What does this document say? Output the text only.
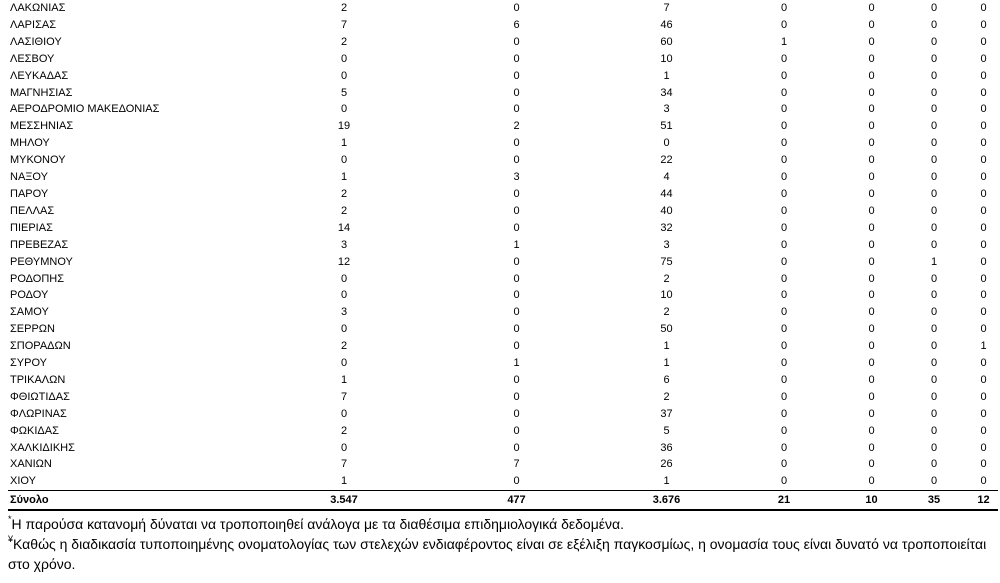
ΛΑΚΩΝΙΑΣ	2	0	7	0	0	0	0
ΛΑΡΙΣΑΣ	7	6	46	0	0	0	0
ΛΑΣΙΘΙΟΥ	2	0	60	1	0	0	0
ΛΕΣΒΟΥ	0	0	10	0	0	0	0
ΛΕΥΚΑΔΑΣ	0	0	1	0	0	0	0
ΜΑΓΝΗΣΙΑΣ	5	0	34	0	0	0	0
ΑΕΡΟΔΡΟΜΙΟ ΜΑΚΕΔΟΝΙΑΣ	0	0	3	0	0	0	0
ΜΕΣΣΗΝΙΑΣ	19	2	51	0	0	0	0
ΜΗΛΟΥ	1	0	0	0	0	0	0
ΜΥΚΟΝΟΥ	0	0	22	0	0	0	0
ΝΑΞΟΥ	1	3	4	0	0	0	0
ΠΑΡΟΥ	2	0	44	0	0	0	0
ΠΕΛΛΑΣ	2	0	40	0	0	0	0
ΠΙΕΡΙΑΣ	14	0	32	0	0	0	0
ΠΡΕΒΕΖΑΣ	3	1	3	0	0	0	0
ΡΕΘΥΜΝΟΥ	12	0	75	0	0	1	0
ΡΟΔΟΠΗΣ	0	0	2	0	0	0	0
ΡΟΔΟΥ	0	0	10	0	0	0	0
ΣΑΜΟΥ	3	0	2	0	0	0	0
ΣΕΡΡΩΝ	0	0	50	0	0	0	0
ΣΠΟΡΑΔΩΝ	2	0	1	0	0	0	1
ΣΥΡΟΥ	0	1	1	0	0	0	0
ΤΡΙΚΑΛΩΝ	1	0	6	0	0	0	0
ΦΘΙΩΤΙΔΑΣ	7	0	2	0	0	0	0
ΦΛΩΡΙΝΑΣ	0	0	37	0	0	0	0
ΦΩΚΙΔΑΣ	2	0	5	0	0	0	0
ΧΑΛΚΙΔΙΚΗΣ	0	0	36	0	0	0	0
ΧΑΝΙΩΝ	7	7	26	0	0	0	0
ΧΙΟΥ	1	0	1	0	0	0	0
Σύνολο	3.547	477	3.676	21	10	35	12
*Η παρούσα κατανομή δύναται να τροποποιηθεί ανάλογα με τα διαθέσιμα επιδημιολογικά δεδομένα.
¥Καθώς η διαδικασία τυποποιημένης ονοματολογίας των στελεχών ενδιαφέροντος είναι σε εξέλιξη παγκοσμίως, η ονομασία τους είναι δυνατό να τροποποιείται στο χρόνο.
